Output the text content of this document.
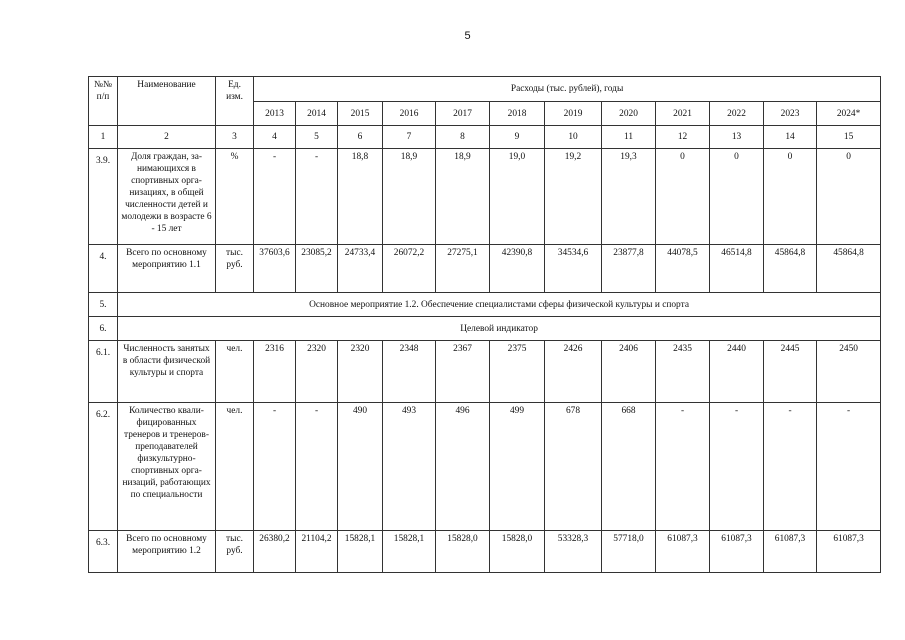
5
№№ п/п	Наименование	Ед. изм.	Расходы (тыс. рублей), годы											
			2013	2014	2015	2016	2017	2018	2019	2020	2021	2022	2023	2024*
1	2	3	4	5	6	7	8	9	10	11	12	13	14	15
3.9.	Доля граждан, занимающихся в спортивных организациях, в общей численности детей и молодежи в возрасте 6 - 15 лет	%	-	-	18,8	18,9	18,9	19,0	19,2	19,3	0	0	0	0
4.	Всего по основному мероприятию 1.1	тыс. руб.	37603,6	23085,2	24733,4	26072,2	27275,1	42390,8	34534,6	23877,8	44078,5	46514,8	45864,8	45864,8
5.	Основное мероприятие 1.2. Обеспечение специалистами сферы физической культуры и спорта													
6.	Целевой индикатор													
6.1.	Численность занятых в области физической культуры и спорта	чел.	2316	2320	2320	2348	2367	2375	2426	2406	2435	2440	2445	2450
6.2.	Количество квалифицированных тренеров и тренеров-преподавателей физкультурно-спортивных организаций, работающих по специальности	чел.	-	-	490	493	496	499	678	668	-	-	-	-
6.3.	Всего по основному мероприятию 1.2	тыс. руб.	26380,2	21104,2	15828,1	15828,1	15828,0	15828,0	53328,3	57718,0	61087,3	61087,3	61087,3	61087,3
